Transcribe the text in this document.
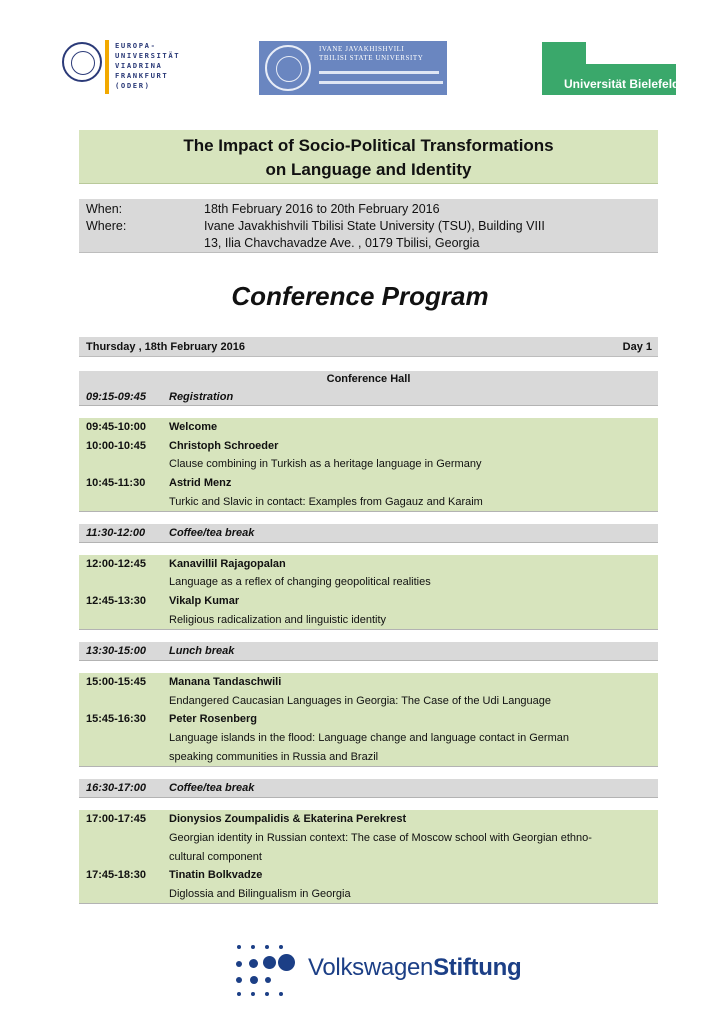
EUROPA-
UNIVERSITÄT
VIADRINA
FRANKFURT
(ODER)
IVANE JAVAKHISHVILI
TBILISI STATE UNIVERSITY
Universität Bielefeld
The Impact of Socio-Political Transformations
on Language and Identity
When:	18th February 2016 to 20th February 2016
Where:	Ivane Javakhishvili Tbilisi State University (TSU), Building VIII
13, Ilia Chavchavadze Ave. , 0179 Tbilisi, Georgia
Conference Program
Thursday , 18th February 2016	Day 1
Conference Hall
09:15-09:45 Registration
09:45-10:00 Welcome
10:00-10:45 Christoph Schroeder
Clause combining in Turkish as a heritage language in Germany
10:45-11:30 Astrid Menz
Turkic and Slavic in contact: Examples from Gagauz and Karaim
11:30-12:00 Coffee/tea break
12:00-12:45 Kanavillil Rajagopalan
Language as a reflex of changing geopolitical realities
12:45-13:30 Vikalp Kumar
Religious radicalization and linguistic identity
13:30-15:00 Lunch break
15:00-15:45 Manana Tandaschwili
Endangered Caucasian Languages in Georgia: The Case of the Udi Language
15:45-16:30 Peter Rosenberg
Language islands in the flood: Language change and language contact in German
speaking communities in Russia and Brazil
16:30-17:00 Coffee/tea break
17:00-17:45 Dionysios Zoumpalidis & Ekaterina Perekrest
Georgian identity in Russian context: The case of Moscow school with Georgian ethno-
cultural component
17:45-18:30 Tinatin Bolkvadze
Diglossia and Bilingualism in Georgia
VolkswagenStiftung
